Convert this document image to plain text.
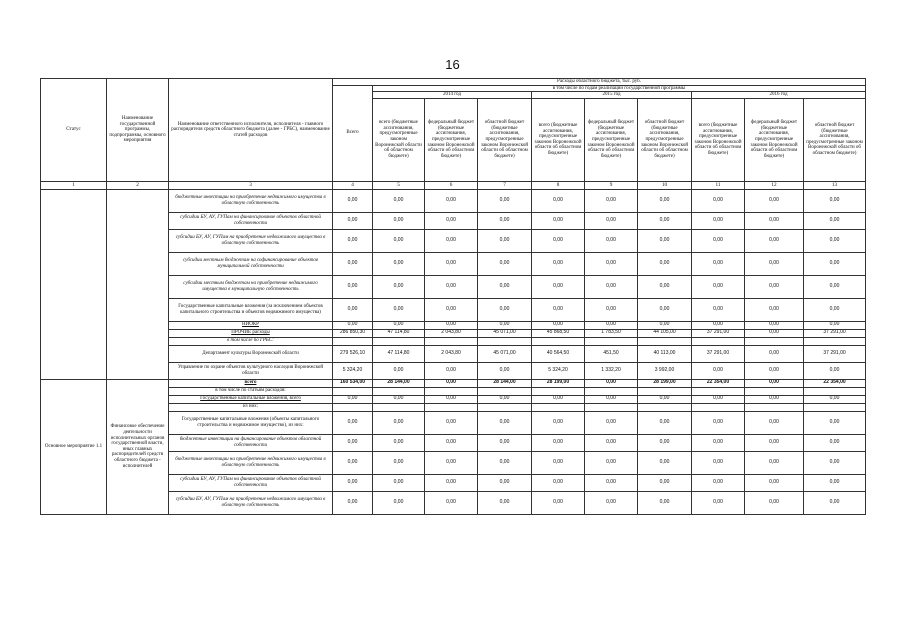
16
Статус	Наименование государственной программы, подпрограммы, основного мероприятия	Наименование ответственного исполнителя, исполнителя - главного распорядителя средств областного бюджета (далее - ГРБС), наименование статей расходов	Расходы областного бюджета, тыс. руб.									
			Всего	в том числе по годам реализации государственной программы								
				2014 год			2015 год			2016 год		
				всего (бюджетные ассигнования, предусмотренные законом Воронежской области об областном бюджете)	федеральный бюджет (бюджетные ассигнования, предусмотренные законом Воронежской области об областном бюджете)	областной бюджет (бюджетные ассигнования, предусмотренные законом Воронежской области об областном бюджете)	всего (бюджетные ассигнования, предусмотренные законом Воронежской области об областном бюджете)	федеральный бюджет (бюджетные ассигнования, предусмотренные законом Воронежской области об областном бюджете)	областной бюджет (бюджетные ассигнования, предусмотренные законом Воронежской области об областном бюджете)	всего (бюджетные ассигнования, предусмотренные законом Воронежской области об областном бюджете)	федеральный бюджет (бюджетные ассигнования, предусмотренные законом Воронежской области об областном бюджете)	областной бюджет (бюджетные ассигнования, предусмотренные законом Воронежской области об областном бюджете)
1	2	3	4	5	6	7	8	9	10	11	12	13
		бюджетные инвестиции на приобретение недвижимого имущества в областную собственность	0,00	0,00	0,00	0,00	0,00	0,00	0,00	0,00	0,00	0,00
		субсидии БУ, АУ, ГУПам на финансирование объектов областной собственности	0,00	0,00	0,00	0,00	0,00	0,00	0,00	0,00	0,00	0,00
		субсидии БУ, АУ, ГУПам на приобретение недвижимого имущества в областную собственность	0,00	0,00	0,00	0,00	0,00	0,00	0,00	0,00	0,00	0,00
		субсидии местным бюджетам на софинансирование объектов муниципальной собственности	0,00	0,00	0,00	0,00	0,00	0,00	0,00	0,00	0,00	0,00
		субсидии местным бюджетам на приобретение недвижимого имущества в муниципальную собственность	0,00	0,00	0,00	0,00	0,00	0,00	0,00	0,00	0,00	0,00
		Государственные капитальные вложения (за исключением объектов капитального строительства и объектов недвижимого имущества)	0,00	0,00	0,00	0,00	0,00	0,00	0,00	0,00	0,00	0,00
		НИОКР	0,00	0,00	0,00	0,00	0,00	0,00	0,00	0,00	0,00	0,00
		ПРОЧИЕ расходы	286 850,30	47 114,80	2 043,80	45 071,00	45 868,50	1 783,50	44 105,00	37 291,00	0,00	37 291,00
		в том числе по ГРБС:										
		Департамент культуры Воронежской области	279 526,10	47 114,80	2 043,80	45 071,00	40 564,50	451,50	40 113,00	37 291,00	0,00	37 291,00
		Управление по охране объектов культурного наследия Воронежской области	5 324,20	0,00	0,00	0,00	5 324,20	1 332,20	3 992,00	0,00	0,00	0,00
Основное мероприятие 1.1	Финансовое обеспечение деятельности исполнительных органов государственной власти, иных главных распорядителей средств областного бюджета - исполнителей	всего	160 534,00	28 144,00	0,00	28 144,00	28 199,00	0,00	28 199,00	22 354,00	0,00	22 354,00
		в том числе по статьям расходов:										
		Государственные капитальные вложения, всего	0,00	0,00	0,00	0,00	0,00	0,00	0,00	0,00	0,00	0,00
		из них:										
		Государственные капитальные вложения (объекты капитального строительства и недвижимое имущество), из них:	0,00	0,00	0,00	0,00	0,00	0,00	0,00	0,00	0,00	0,00
		бюджетные инвестиции на финансирование объектов областной собственности	0,00	0,00	0,00	0,00	0,00	0,00	0,00	0,00	0,00	0,00
		бюджетные инвестиции на приобретение недвижимого имущества в областную собственность	0,00	0,00	0,00	0,00	0,00	0,00	0,00	0,00	0,00	0,00
		субсидии БУ, АУ, ГУПам на финансирование объектов областной собственности	0,00	0,00	0,00	0,00	0,00	0,00	0,00	0,00	0,00	0,00
		субсидии БУ, АУ, ГУПам на приобретение недвижимого имущества в областную собственность	0,00	0,00	0,00	0,00	0,00	0,00	0,00	0,00	0,00	0,00
